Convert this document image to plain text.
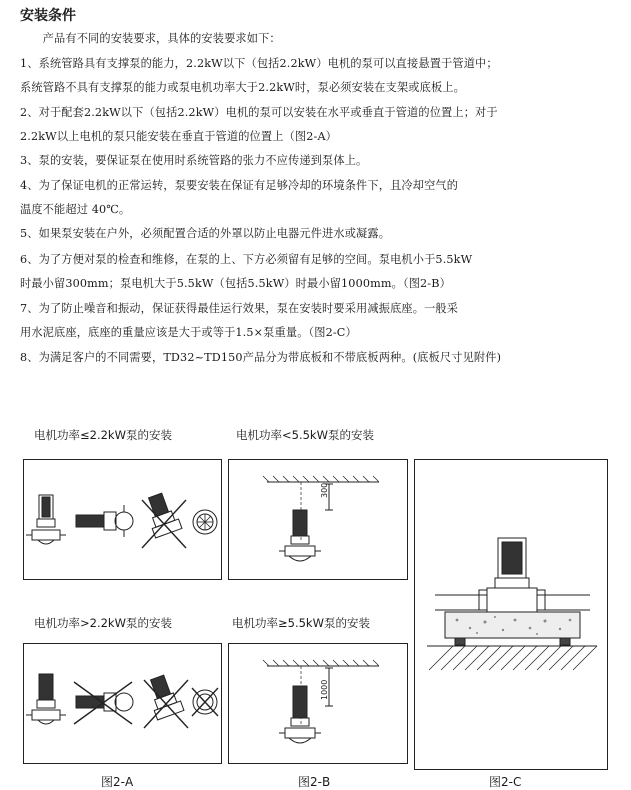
安装条件
　　产品有不同的安装要求，具体的安装要求如下：
1、系统管路具有支撑泵的能力，2.2kW以下（包括2.2kW）电机的泵可以直接悬置于管道中；
系统管路不具有支撑泵的能力或泵电机功率大于2.2kW时，泵必须安装在支架或底板上。
2、对于配套2.2kW以下（包括2.2kW）电机的泵可以安装在水平或垂直于管道的位置上；对于
2.2kW以上电机的泵只能安装在垂直于管道的位置上（图2-A）
3、泵的安装，要保证泵在使用时系统管路的张力不应传递到泵体上。
4、为了保证电机的正常运转，泵要安装在保证有足够冷却的环境条件下，且冷却空气的
温度不能超过 40℃。
5、如果泵安装在户外，必须配置合适的外罩以防止电器元件进水或凝露。
6、为了方便对泵的检查和维修，在泵的上、下方必须留有足够的空间。泵电机小于5.5kW
时最小留300mm；泵电机大于5.5kW（包括5.5kW）时最小留1000mm。（图2-B）
7、为了防止噪音和振动，保证获得最佳运行效果，泵在安装时要采用减振底座。一般采
用水泥底座，底座的重量应该是大于或等于1.5×泵重量。（图2-C）
8、为满足客户的不同需要，TD32~TD150产品分为带底板和不带底板两种。(底板尺寸见附件)
电机功率≤2.2kW泵的安装	电机功率<5.5kW泵的安装
电机功率>2.2kW泵的安装	电机功率≥5.5kW泵的安装
300
1000
图2-A	图2-B	图2-C
